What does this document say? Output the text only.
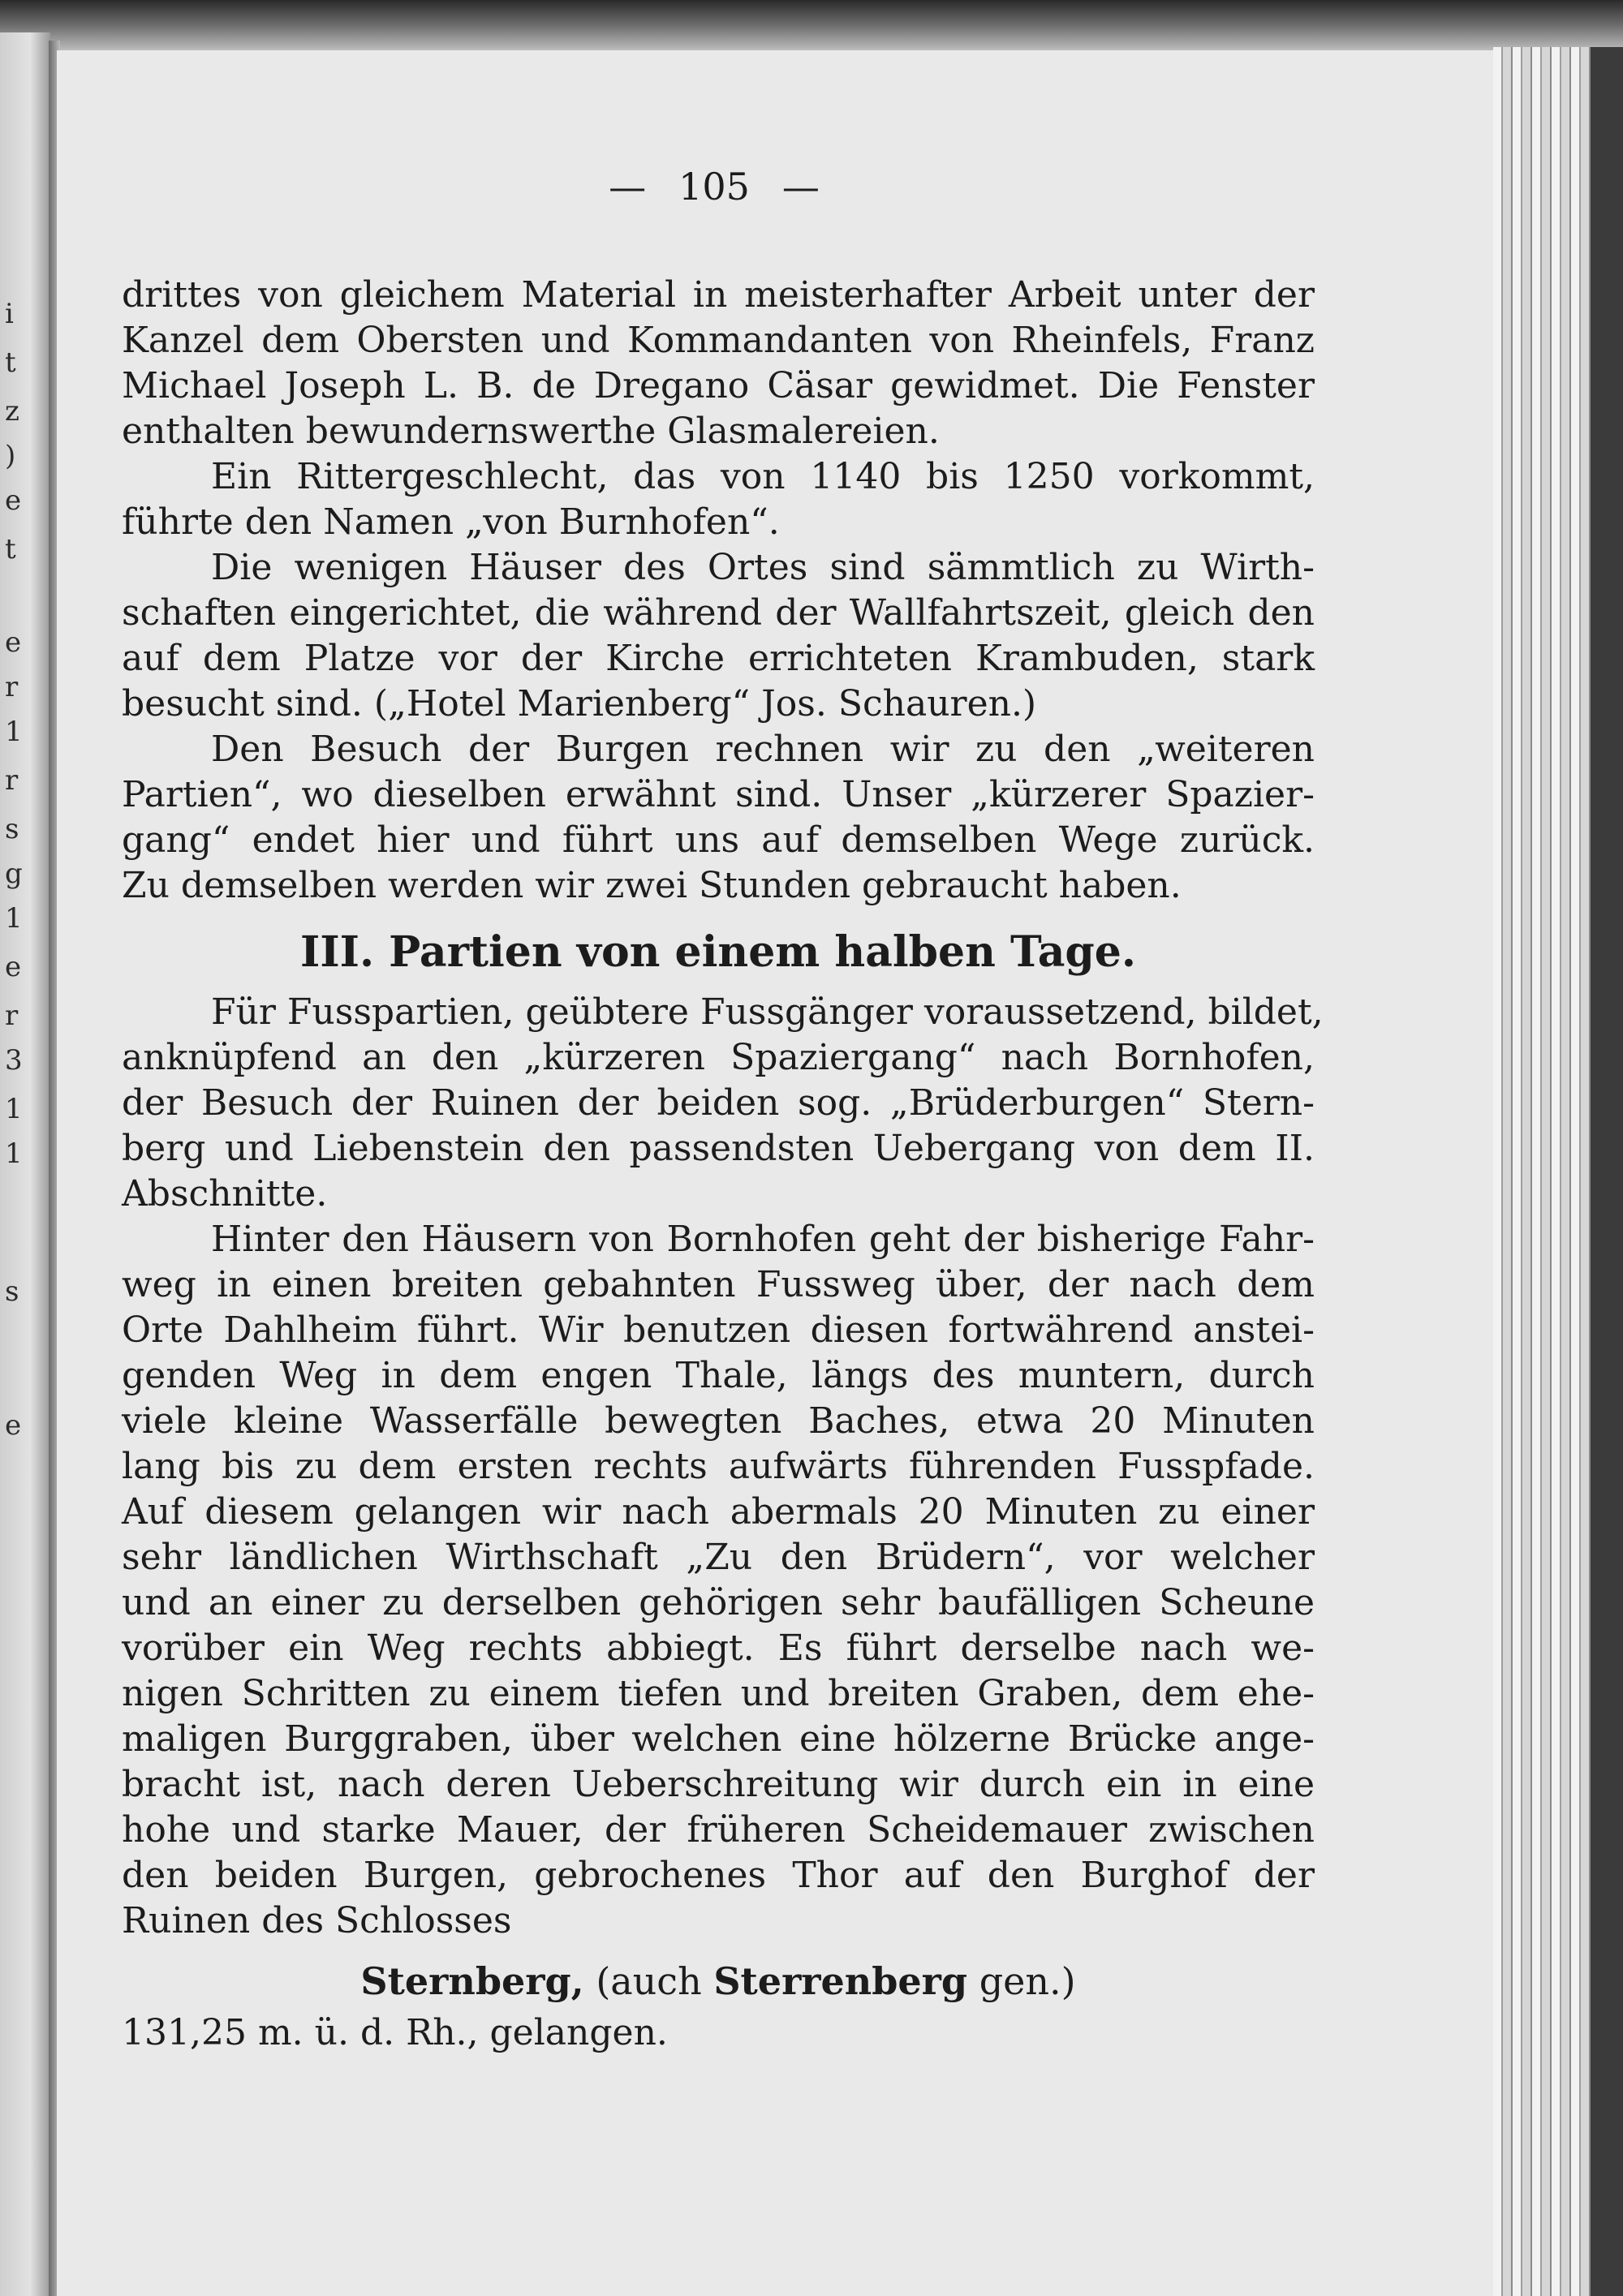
i
t
z
)
e
t
e
r
1
r
s
g
1
e
r
3
1
1
s
e
— 105 —
drittes von gleichem Material in meisterhafter Arbeit unter der
Kanzel dem Obersten und Kommandanten von Rheinfels, Franz
Michael Joseph L. B. de Dregano Cäsar gewidmet. Die Fenster
enthalten bewundernswerthe Glasmalereien.
Ein Rittergeschlecht, das von 1140 bis 1250 vorkommt,
führte den Namen „von Burnhofen“.
Die wenigen Häuser des Ortes sind sämmtlich zu Wirth-
schaften eingerichtet, die während der Wallfahrtszeit, gleich den
auf dem Platze vor der Kirche errichteten Krambuden, stark
besucht sind. („Hotel Marienberg“ Jos. Schauren.)
Den Besuch der Burgen rechnen wir zu den „weiteren
Partien“, wo dieselben erwähnt sind. Unser „kürzerer Spazier-
gang“ endet hier und führt uns auf demselben Wege zurück.
Zu demselben werden wir zwei Stunden gebraucht haben.
III. Partien von einem halben Tage.
Für Fusspartien, geübtere Fussgänger voraussetzend, bildet,
anknüpfend an den „kürzeren Spaziergang“ nach Bornhofen,
der Besuch der Ruinen der beiden sog. „Brüderburgen“ Stern-
berg und Liebenstein den passendsten Uebergang von dem II.
Abschnitte.
Hinter den Häusern von Bornhofen geht der bisherige Fahr-
weg in einen breiten gebahnten Fussweg über, der nach dem
Orte Dahlheim führt. Wir benutzen diesen fortwährend anstei-
genden Weg in dem engen Thale, längs des muntern, durch
viele kleine Wasserfälle bewegten Baches, etwa 20 Minuten
lang bis zu dem ersten rechts aufwärts führenden Fusspfade.
Auf diesem gelangen wir nach abermals 20 Minuten zu einer
sehr ländlichen Wirthschaft „Zu den Brüdern“, vor welcher
und an einer zu derselben gehörigen sehr baufälligen Scheune
vorüber ein Weg rechts abbiegt. Es führt derselbe nach we-
nigen Schritten zu einem tiefen und breiten Graben, dem ehe-
maligen Burggraben, über welchen eine hölzerne Brücke ange-
bracht ist, nach deren Ueberschreitung wir durch ein in eine
hohe und starke Mauer, der früheren Scheidemauer zwischen
den beiden Burgen, gebrochenes Thor auf den Burghof der
Ruinen des Schlosses
Sternberg, (auch Sterrenberg gen.)
131,25 m. ü. d. Rh., gelangen.
